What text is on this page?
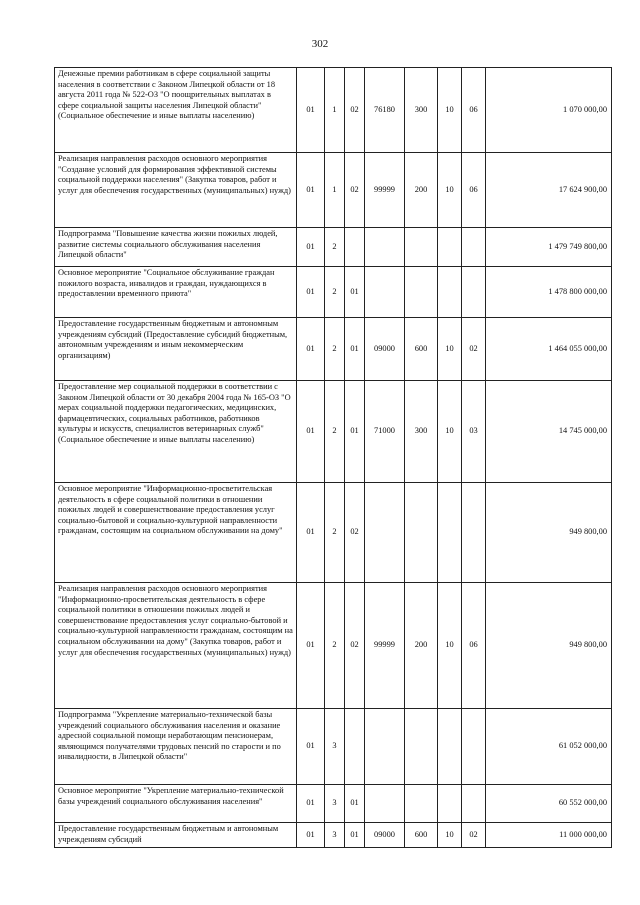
302
Денежные премии работникам в сфере социальной защиты населения в соответствии с Законом Липецкой области от 18 августа 2011 года № 522-ОЗ "О поощрительных выплатах в сфере социальной защиты населения Липецкой области" (Социальное обеспечение и иные выплаты населению)	01	1	02	76180	300	10	06	1 070 000,00
Реализация направления расходов основного мероприятия "Создание условий для формирования эффективной системы социальной поддержки населения" (Закупка товаров, работ и услуг для обеспечения государственных (муниципальных) нужд)	01	1	02	99999	200	10	06	17 624 900,00
Подпрограмма "Повышение качества жизни пожилых людей, развитие системы социального обслуживания населения Липецкой области"	01	2						1 479 749 800,00
Основное мероприятие "Социальное обслуживание граждан пожилого возраста, инвалидов и граждан, нуждающихся в предоставлении временного приюта"	01	2	01					1 478 800 000,00
Предоставление государственным бюджетным и автономным учреждениям субсидий (Предоставление субсидий бюджетным, автономным учреждениям и иным некоммерческим организациям)	01	2	01	09000	600	10	02	1 464 055 000,00
Предоставление мер социальной поддержки в соответствии с Законом Липецкой области от 30 декабря 2004 года № 165-ОЗ "О мерах социальной поддержки педагогических, медицинских, фармацевтических, социальных работников, работников культуры и искусств, специалистов ветеринарных служб" (Социальное обеспечение и иные выплаты населению)	01	2	01	71000	300	10	03	14 745 000,00
Основное мероприятие "Информационно-просветительская деятельность в сфере социальной политики в отношении пожилых людей и совершенствование предоставления услуг социально-бытовой и социально-культурной направленности гражданам, состоящим на социальном обслуживании на дому"	01	2	02					949 800,00
Реализация направления расходов основного мероприятия "Информационно-просветительская деятельность в сфере социальной политики в отношении пожилых людей и совершенствование предоставления услуг социально-бытовой и социально-культурной направленности гражданам, состоящим на социальном обслуживании на дому" (Закупка товаров, работ и услуг для обеспечения государственных (муниципальных) нужд)	01	2	02	99999	200	10	06	949 800,00
Подпрограмма "Укрепление материально-технической базы учреждений социального обслуживания населения и оказание адресной социальной помощи неработающим пенсионерам, являющимся получателями трудовых пенсий по старости и по инвалидности, в Липецкой области"	01	3						61 052 000,00
Основное мероприятие "Укрепление материально-технической базы учреждений социального обслуживания населения"	01	3	01					60 552 000,00
Предоставление государственным бюджетным и автономным учреждениям субсидий	01	3	01	09000	600	10	02	11 000 000,00
